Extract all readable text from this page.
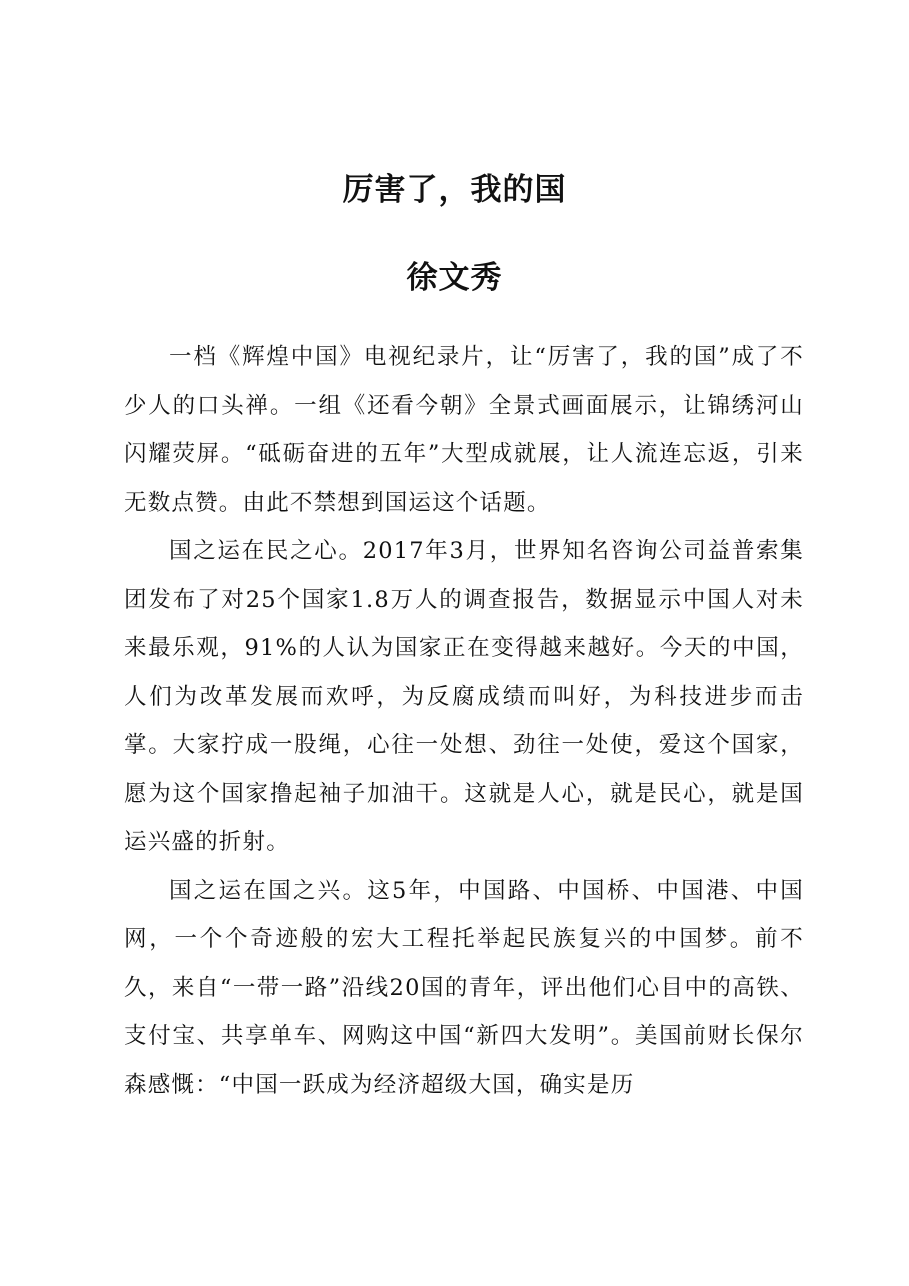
厉害了，我的国
徐文秀

一档《辉煌中国》电视纪录片，让“厉害了，我的国”成了不少人的口头禅。一组《还看今朝》全景式画面展示，让锦绣河山闪耀荧屏。“砥砺奋进的五年”大型成就展，让人流连忘返，引来无数点赞。由此不禁想到国运这个话题。

国之运在民之心。2017年3月，世界知名咨询公司益普索集团发布了对25个国家1.8万人的调查报告，数据显示中国人对未来最乐观，91%的人认为国家正在变得越来越好。今天的中国，人们为改革发展而欢呼，为反腐成绩而叫好，为科技进步而击掌。大家拧成一股绳，心往一处想、劲往一处使，爱这个国家，愿为这个国家撸起袖子加油干。这就是人心，就是民心，就是国运兴盛的折射。

国之运在国之兴。这5年，中国路、中国桥、中国港、中国网，一个个奇迹般的宏大工程托举起民族复兴的中国梦。前不久，来自“一带一路”沿线20国的青年，评出他们心目中的高铁、支付宝、共享单车、网购这中国“新四大发明”。美国前财长保尔森感慨：“中国一跃成为经济超级大国，确实是历
